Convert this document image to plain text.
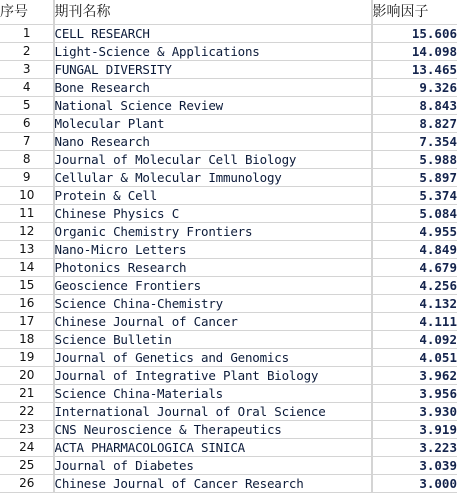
序号	期刊名称	影响因子
1	CELL RESEARCH	15.606
2	Light-Science & Applications	14.098
3	FUNGAL DIVERSITY	13.465
4	Bone Research	9.326
5	National Science Review	8.843
6	Molecular Plant	8.827
7	Nano Research	7.354
8	Journal of Molecular Cell Biology	5.988
9	Cellular & Molecular Immunology	5.897
10	Protein & Cell	5.374
11	Chinese Physics C	5.084
12	Organic Chemistry Frontiers	4.955
13	Nano-Micro Letters	4.849
14	Photonics Research	4.679
15	Geoscience Frontiers	4.256
16	Science China-Chemistry	4.132
17	Chinese Journal of Cancer	4.111
18	Science Bulletin	4.092
19	Journal of Genetics and Genomics	4.051
20	Journal of Integrative Plant Biology	3.962
21	Science China-Materials	3.956
22	International Journal of Oral Science	3.930
23	CNS Neuroscience & Therapeutics	3.919
24	ACTA PHARMACOLOGICA SINICA	3.223
25	Journal of Diabetes	3.039
26	Chinese Journal of Cancer Research	3.000
